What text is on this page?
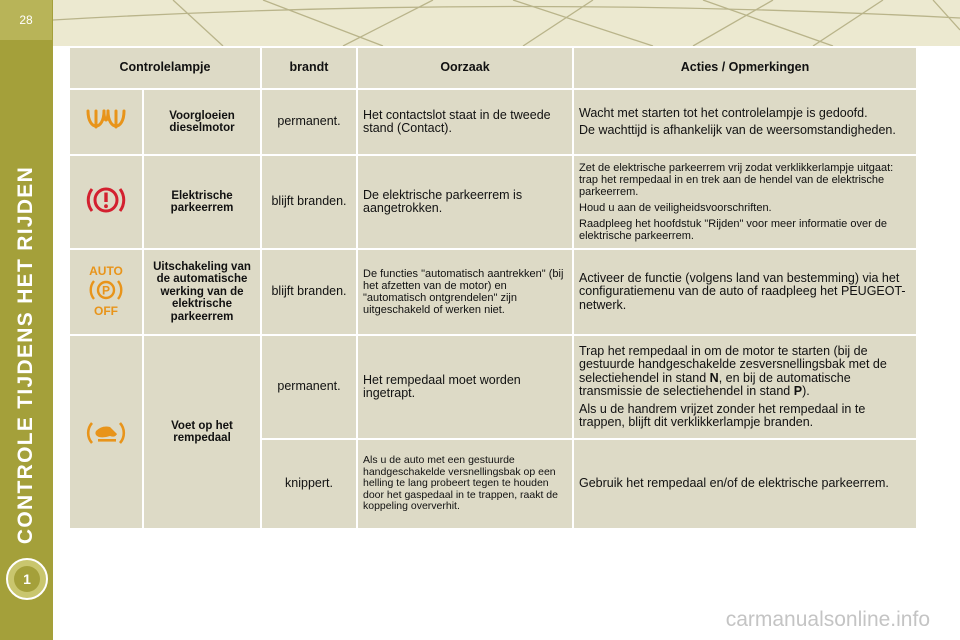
28
CONTROLE TIJDENS HET RIJDEN
1
Controlelampje		brandt	Oorzaak	Acties / Opmerkingen
	Voorgloeien dieselmotor	permanent.	Het contactslot staat in de tweede stand (Contact).	Wacht met starten tot het controlelampje is gedoofd.

De wachttijd is afhankelijk van de weersomstandigheden.

	Elektrische parkeerrem	blijft branden.	De elektrische parkeerrem is aangetrokken.	Zet de elektrische parkeerrem vrij zodat verklikkerlampje uitgaat: trap het rempedaal in en trek aan de hendel van de elektrische parkeerrem.

Houd u aan de veiligheidsvoorschriften.

Raadpleeg het hoofdstuk "Rijden" voor meer informatie over de elektrische parkeerrem.

AUTO
P
OFF	Uitschakeling van de automatische werking van de elektrische parkeerrem	blijft branden.	De functies "automatisch aantrekken" (bij het afzetten van de motor) en "automatisch ontgrendelen" zijn uitgeschakeld of werken niet.	Activeer de functie (volgens land van bestemming) via het configuratiemenu van de auto of raadpleeg het PEUGEOT-netwerk.
	Voet op het rempedaal	permanent.	Het rempedaal moet worden ingetrapt.	Trap het rempedaal in om de motor te starten (bij de gestuurde handgeschakelde zesversnellingsbak met de selectiehendel in stand N, en bij de automatische transmissie de selectiehendel in stand P).

Als u de handrem vrijzet zonder het rempedaal in te trappen, blijft dit verklikkerlampje branden.

		knippert.	Als u de auto met een gestuurde handgeschakelde versnellingsbak op een helling te lang probeert tegen te houden door het gaspedaal in te trappen, raakt de koppeling oververhit.	Gebruik het rempedaal en/of de elektrische parkeerrem.
carmanualsonline.info
